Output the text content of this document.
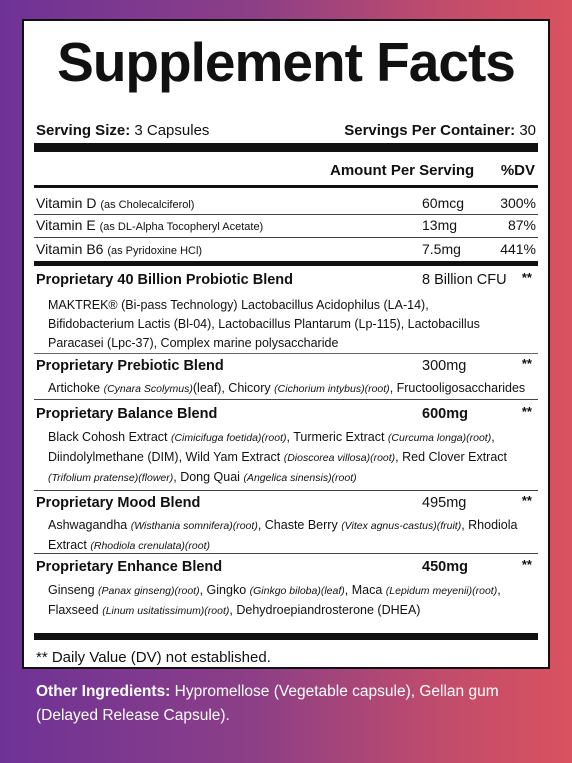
Supplement Facts
Serving Size: 3 Capsules	Servings Per Container: 30
Amount Per Serving %DV
Vitamin D (as Cholecalciferol)	60mcg	300%
Vitamin E (as DL-Alpha Tocopheryl Acetate)	13mg	87%
Vitamin B6 (as Pyridoxine HCl)	7.5mg	441%
Proprietary 40 Billion Probiotic Blend	8 Billion CFU **
MAKTREK® (Bi-pass Technology) Lactobacillus Acidophilus (LA-14),
Bifidobacterium Lactis (Bl-04), Lactobacillus Plantarum (Lp-115), Lactobacillus
Paracasei (Lpc-37), Complex marine polysaccharide
Proprietary Prebiotic Blend	300mg	**
Artichoke (Cynara Scolymus)(leaf), Chicory (Cichorium intybus)(root), Fructooligosaccharides
Proprietary Balance Blend	600mg	**
Black Cohosh Extract (Cimicifuga foetida)(root), Turmeric Extract (Curcuma longa)(root),
Diindolylmethane (DIM), Wild Yam Extract (Dioscorea villosa)(root), Red Clover Extract
(Trifolium pratense)(flower), Dong Quai (Angelica sinensis)(root)
Proprietary Mood Blend	495mg	**
Ashwagandha (Wisthania somnifera)(root), Chaste Berry (Vitex agnus-castus)(fruit), Rhodiola
Extract (Rhodiola crenulata)(root)
Proprietary Enhance Blend	450mg	**
Ginseng (Panax ginseng)(root), Gingko (Ginkgo biloba)(leaf), Maca (Lepidum meyenii)(root),
Flaxseed (Linum usitatissimum)(root), Dehydroepiandrosterone (DHEA)
** Daily Value (DV) not established.
Other Ingredients: Hypromellose (Vegetable capsule), Gellan gum (Delayed Release Capsule).
